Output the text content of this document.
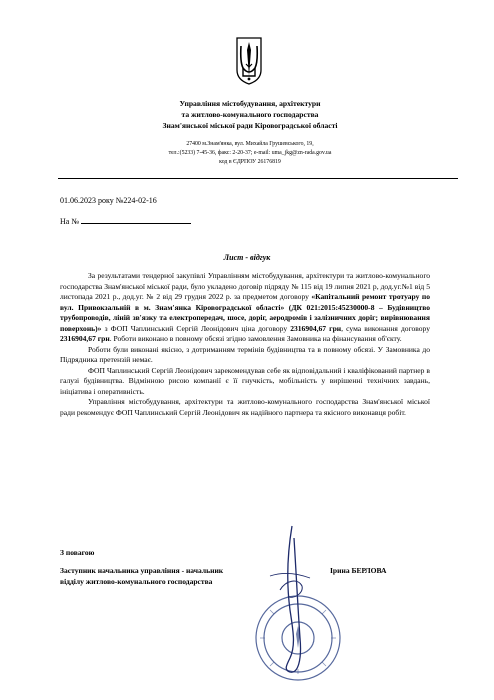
Управління містобудування, архітектури
та житлово-комунального господарства
Знам'янської міської ради Кіровоградської області
27400 м.Знам'янка, вул. Михайла Грушевського, 19,
тел.:(5233) 7-45-36, факс: 2-20-37; e-mail: uma_jkg@zn-rada.gov.ua
код в ЄДРПОУ 26176819
01.06.2023 року №224-02-16
На №
Лист - відгук

За результатами тендерної закупівлі Управлінням містобудування, архітектури та житлово-комунального господарства Знам'янської міської ради, було укладено договір підряду № 115 від 19 липня 2021 р, дод.уг.№1 від 5 листопада 2021 р., дод.уг. № 2 від 29 грудня 2022 р. за предметом договору «Капітальний ремонт тротуару по вул. Привокзальній в м. Знам'янка Кіровоградської області» (ДК 021:2015:45230000-8 – Будівництво трубопроводів, ліній зв'язку та електропередач, шосе, доріг, аеродромів і залізничних доріг; вирівнювання поверхонь)» з ФОП Чаплинський Сергій Леонідович ціна договору 2316904,67 грн, сума виконання договору 2316904,67 грн. Роботи виконано в повному обсязі згідно замовлення Замовника на фінансування об'єкту.

Роботи були виконані якісно, з дотриманням термінів будівництва та в повному обсязі. У Замовника до Підрядника претензій немає.

ФОП Чаплинський Сергій Леонідович зарекомендував себе як відповідальний і кваліфікований партнер в галузі будівництва. Відмінною рисою компанії є її гнучкість, мобільність у вирішенні технічних завдань, ініціатива і оперативність.

Управління містобудування, архітектури та житлово-комунального господарства Знам'янської міської ради рекомендує ФОП Чаплинський Сергій Леонідович як надійного партнера та якісного виконавця робіт.

З повагою
Заступник начальника управління - начальник
відділу житлово-комунального господарства
Ірина БЕРЛОВА
